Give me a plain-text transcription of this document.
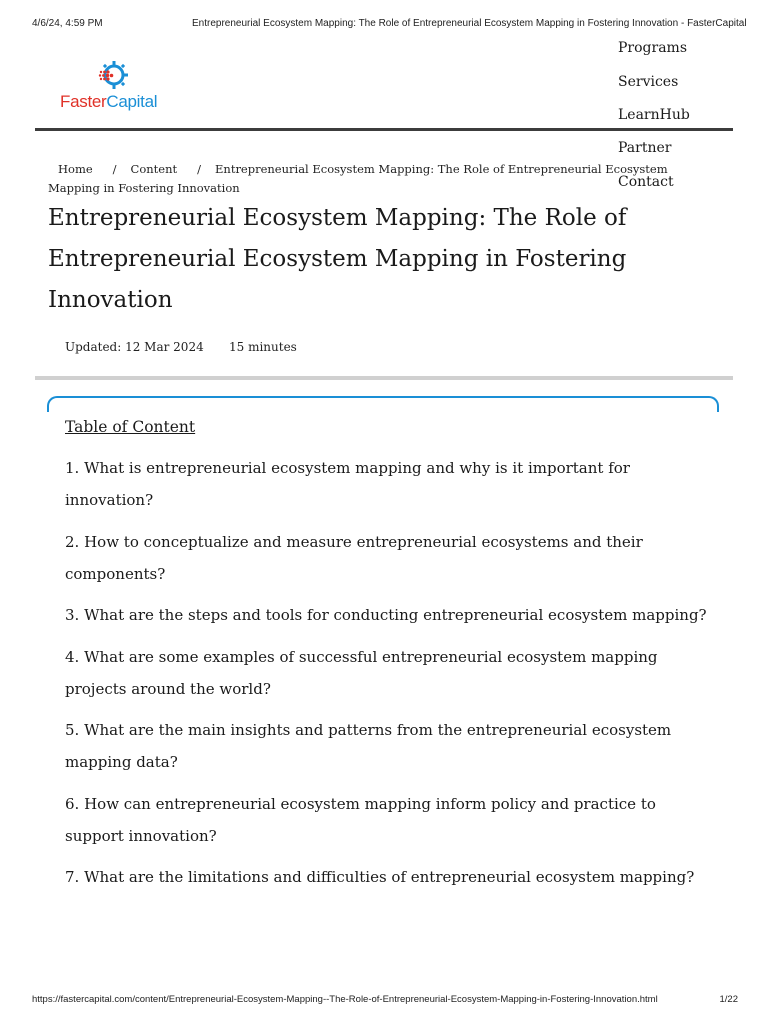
4/6/24, 4:59 PM	Entrepreneurial Ecosystem Mapping: The Role of Entrepreneurial Ecosystem Mapping in Fostering Innovation - FasterCapital
FasterCapital
Programs
Services
LearnHub
Partner
Contact
Home / Content / Entrepreneurial Ecosystem Mapping: The Role of Entrepreneurial Ecosystem Mapping in Fostering Innovation
Entrepreneurial Ecosystem Mapping: The Role of Entrepreneurial Ecosystem Mapping in Fostering Innovation
Updated: 12 Mar 2024 15 minutes
Table of Content
1. What is entrepreneurial ecosystem mapping and why is it important for innovation?
2. How to conceptualize and measure entrepreneurial ecosystems and their components?
3. What are the steps and tools for conducting entrepreneurial ecosystem mapping?
4. What are some examples of successful entrepreneurial ecosystem mapping projects around the world?
5. What are the main insights and patterns from the entrepreneurial ecosystem mapping data?
6. How can entrepreneurial ecosystem mapping inform policy and practice to support innovation?
7. What are the limitations and difficulties of entrepreneurial ecosystem mapping?
https://fastercapital.com/content/Entrepreneurial-Ecosystem-Mapping--The-Role-of-Entrepreneurial-Ecosystem-Mapping-in-Fostering-Innovation.html	1/22
